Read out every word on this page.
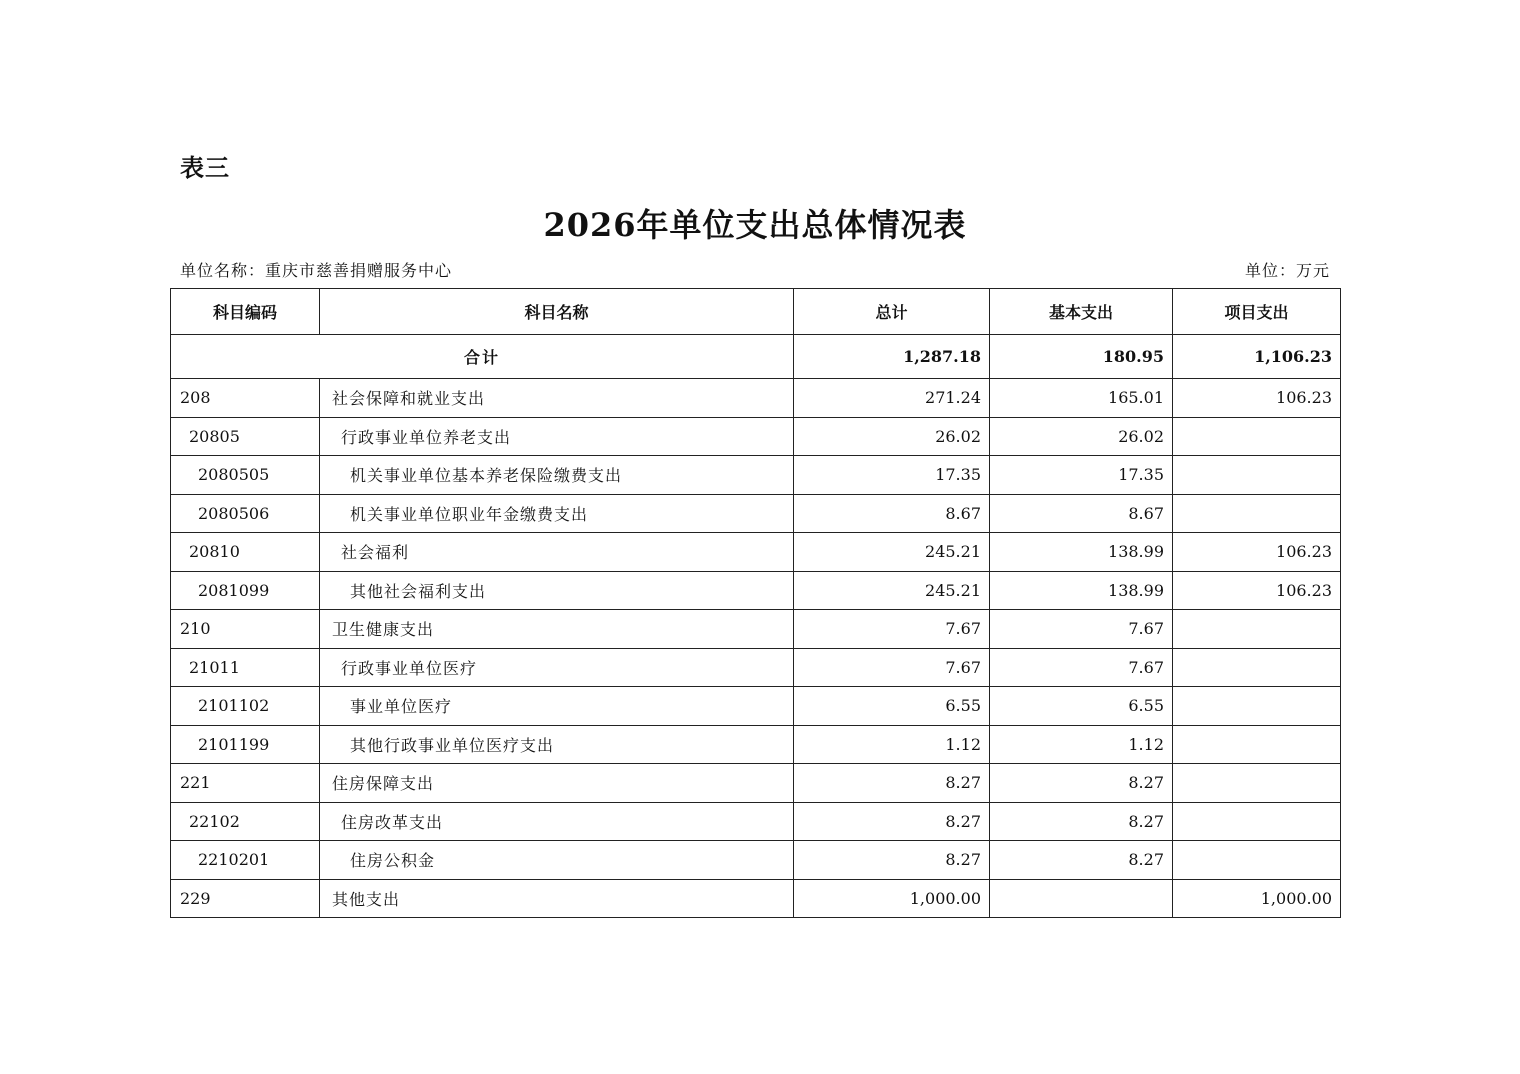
表三
2026年单位支出总体情况表
单位名称：重庆市慈善捐赠服务中心	单位：万元
科目编码	科目名称	总计	基本支出	项目支出
合计		1,287.18	180.95	1,106.23
208	社会保障和就业支出	271.24	165.01	106.23
20805	行政事业单位养老支出	26.02	26.02	
2080505	机关事业单位基本养老保险缴费支出	17.35	17.35	
2080506	机关事业单位职业年金缴费支出	8.67	8.67	
20810	社会福利	245.21	138.99	106.23
2081099	其他社会福利支出	245.21	138.99	106.23
210	卫生健康支出	7.67	7.67	
21011	行政事业单位医疗	7.67	7.67	
2101102	事业单位医疗	6.55	6.55	
2101199	其他行政事业单位医疗支出	1.12	1.12	
221	住房保障支出	8.27	8.27	
22102	住房改革支出	8.27	8.27	
2210201	住房公积金	8.27	8.27	
229	其他支出	1,000.00		1,000.00
